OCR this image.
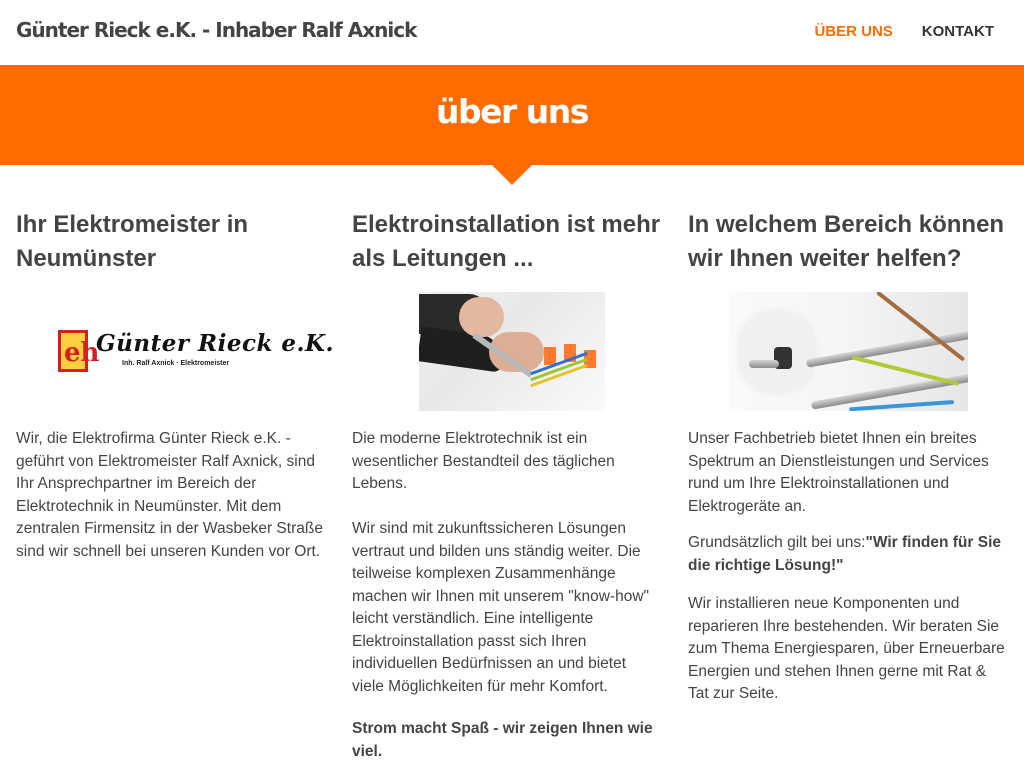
Günter Rieck e.K. - Inhaber Ralf Axnick	ÜBER UNS KONTAKT
über uns
Ihr Elektromeister in Neumünster
eh
Günter Rieck e.K.
Inh. Ralf Axnick · Elektromeister

Wir, die Elektrofirma Günter Rieck e.K. - geführt von Elektromeister Ralf Axnick, sind Ihr Ansprechpartner im Bereich der Elektrotechnik in Neumünster. Mit dem zentralen Firmensitz in der Wasbeker Straße sind wir schnell bei unseren Kunden vor Ort.

Elektroinstallation ist mehr als Leitungen ...

Die moderne Elektrotechnik ist ein wesentlicher Bestandteil des täglichen Lebens.

Wir sind mit zukunftssicheren Lösungen vertraut und bilden uns ständig weiter. Die teilweise komplexen Zusammenhänge machen wir Ihnen mit unserem "know-how" leicht verständlich. Eine intelligente Elektroinstallation passt sich Ihren individuellen Bedürfnissen an und bietet viele Möglichkeiten für mehr Komfort.

Strom macht Spaß - wir zeigen Ihnen wie viel.

In welchem Bereich können wir Ihnen weiter helfen?

Unser Fachbetrieb bietet Ihnen ein breites Spektrum an Dienstleistungen und Services rund um Ihre Elektroinstallationen und Elektrogeräte an.

Grundsätzlich gilt bei uns:"Wir finden für Sie die richtige Lösung!"

Wir installieren neue Komponenten und reparieren Ihre bestehenden. Wir beraten Sie zum Thema Energiesparen, über Erneuerbare Energien und stehen Ihnen gerne mit Rat & Tat zur Seite.
